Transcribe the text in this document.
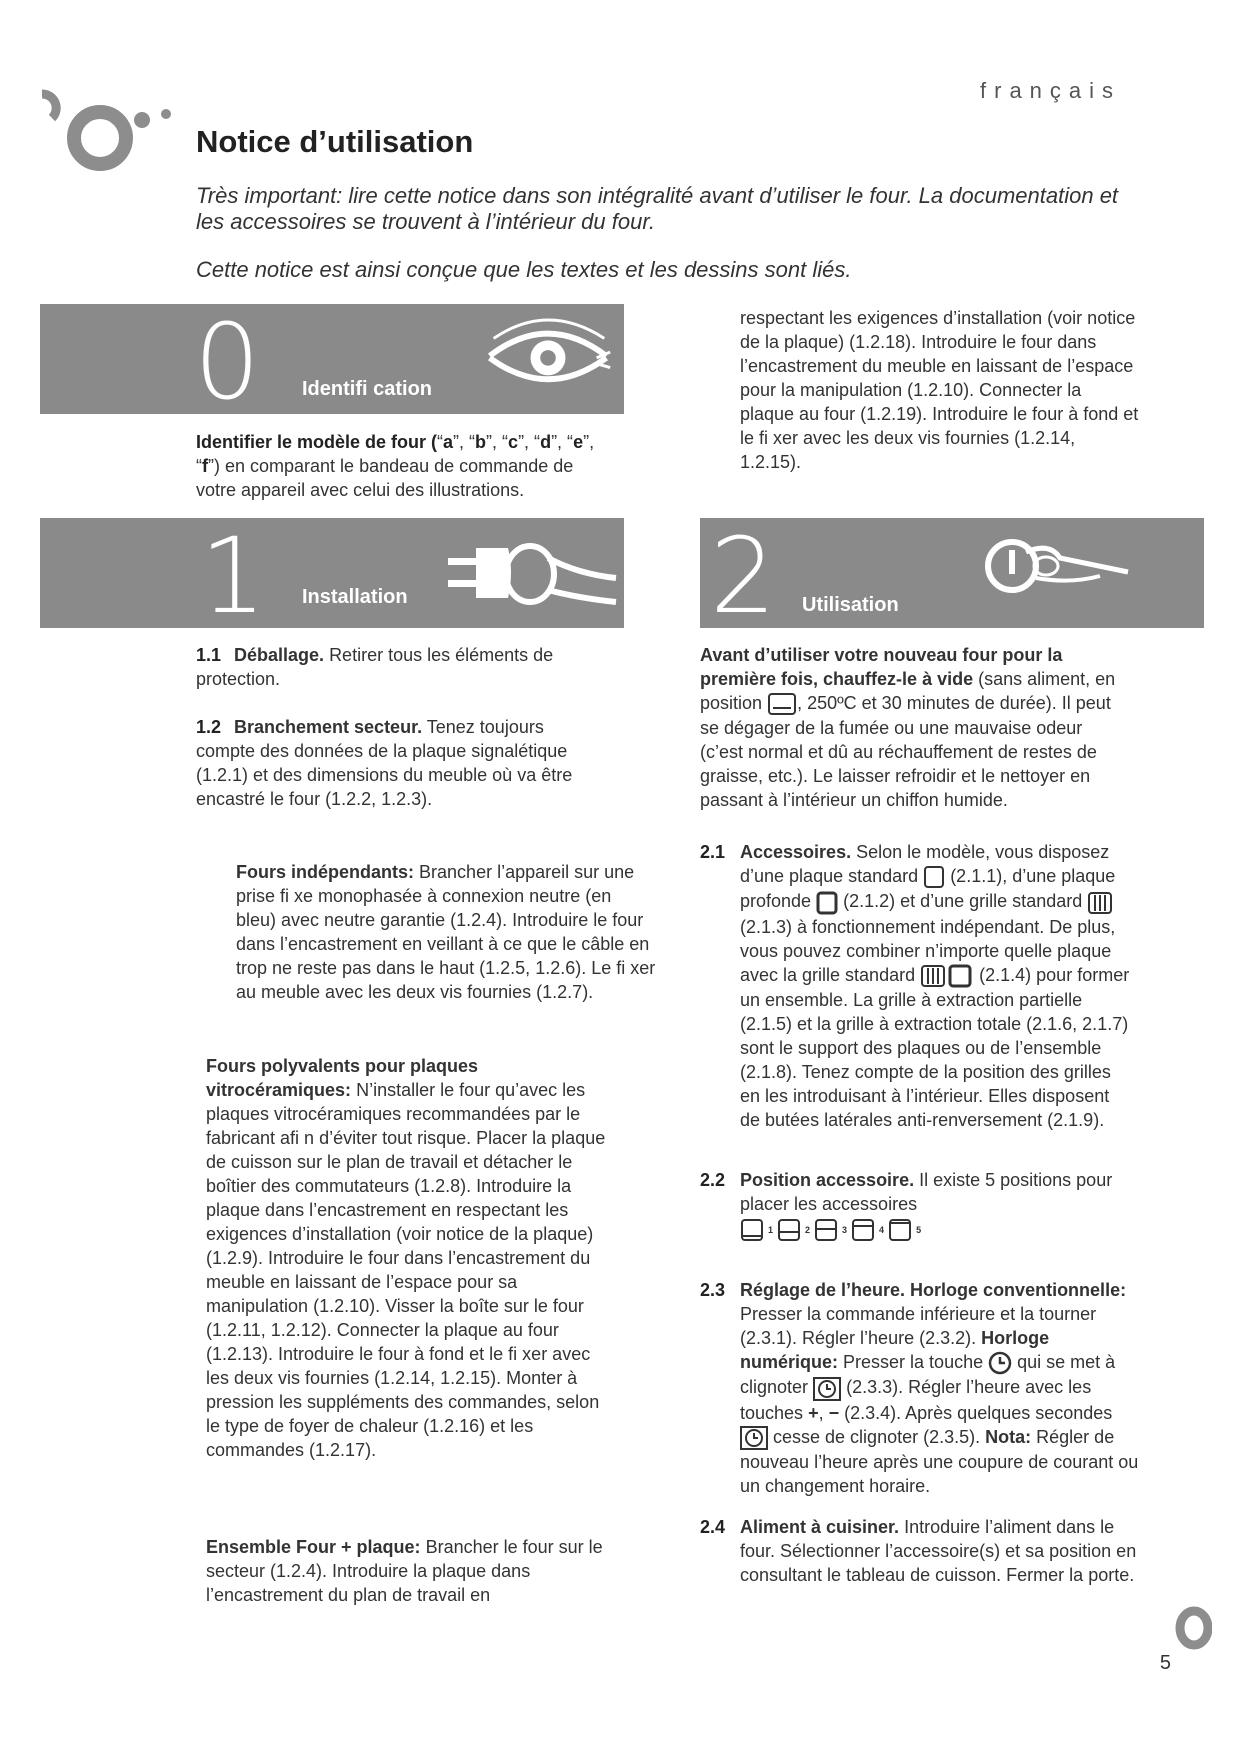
français
Notice d’utilisation
Très important: lire cette notice dans son intégralité avant d’utiliser le four. La documentation et les accessoires se trouvent à l’intérieur du four.
Cette notice est ainsi conçue que les textes et les dessins sont liés.
0 Identifi cation
Identifier le modèle de four (“a”, “b”, “c”, “d”, “e”, “f”) en comparant le bandeau de commande de votre appareil avec celui des illustrations.
respectant les exigences d’installation (voir notice de la plaque) (1.2.18). Introduire le four dans l’encastrement du meuble en laissant de l’espace pour la manipulation (1.2.10). Connecter la plaque au four (1.2.19). Introduire le four à fond et le fi xer avec les deux vis fournies (1.2.14, 1.2.15).
1 Installation
1.1 Déballage. Retirer tous les éléments de protection.
1.2 Branchement secteur. Tenez toujours compte des données de la plaque signalétique (1.2.1) et des dimensions du meuble où va être encastré le four (1.2.2, 1.2.3).
Fours indépendants: Brancher l’appareil sur une prise fi xe monophasée à connexion neutre (en bleu) avec neutre garantie (1.2.4). Introduire le four dans l’encastrement en veillant à ce que le câble en trop ne reste pas dans le haut (1.2.5, 1.2.6). Le fi xer au meuble avec les deux vis fournies (1.2.7).
Fours polyvalents pour plaques vitrocéramiques: N’installer le four qu’avec les plaques vitrocéramiques recommandées par le fabricant afi n d’éviter tout risque. Placer la plaque de cuisson sur le plan de travail et détacher le boîtier des commutateurs (1.2.8). Introduire la plaque dans l’encastrement en respectant les exigences d’installation (voir notice de la plaque) (1.2.9). Introduire le four dans l’encastrement du meuble en laissant de l’espace pour sa manipulation (1.2.10). Visser la boîte sur le four (1.2.11, 1.2.12). Connecter la plaque au four (1.2.13). Introduire le four à fond et le fi xer avec les deux vis fournies (1.2.14, 1.2.15). Monter à pression les suppléments des commandes, selon le type de foyer de chaleur (1.2.16) et les commandes (1.2.17).
Ensemble Four + plaque: Brancher le four sur le secteur (1.2.4). Introduire la plaque dans l’encastrement du plan de travail en
2 Utilisation
Avant d’utiliser votre nouveau four pour la première fois, chauffez-le à vide (sans aliment, en position , 250ºC et 30 minutes de durée). Il peut se dégager de la fumée ou une mauvaise odeur (c’est normal et dû au réchauffement de restes de graisse, etc.). Le laisser refroidir et le nettoyer en passant à l’intérieur un chiffon humide.
2.1 Accessoires. Selon le modèle, vous disposez d’une plaque standard (2.1.1), d’une plaque profonde (2.1.2) et d’une grille standard  (2.1.3) à fonctionnement indépendant. De plus, vous pouvez combiner n’importe quelle plaque avec la grille standard	(2.1.4) pour former un ensemble. La grille à extraction partielle (2.1.5) et la grille à extraction totale (2.1.6, 2.1.7) sont le support des plaques ou de l’ensemble (2.1.8). Tenez compte de la position des grilles en les introduisant à l’intérieur. Elles disposent de butées latérales anti-renversement (2.1.9).
2.2 Position accessoire. Il existe 5 positions pour placer les accessoires
1	2	3	4	5
2.3 Réglage de l’heure. Horloge conventionnelle: Presser la commande inférieure et la tourner (2.3.1). Régler l’heure (2.3.2). Horloge numérique: Presser la touche qui se met à clignoter (2.3.3). Régler l’heure avec les touches +, − (2.3.4). Après quelques secondes  cesse de clignoter (2.3.5). Nota: Régler de nouveau l’heure après une coupure de courant ou un changement horaire.
2.4 Aliment à cuisiner. Introduire l’aliment dans le four. Sélectionner l’accessoire(s) et sa position en consultant le tableau de cuisson. Fermer la porte.
5
